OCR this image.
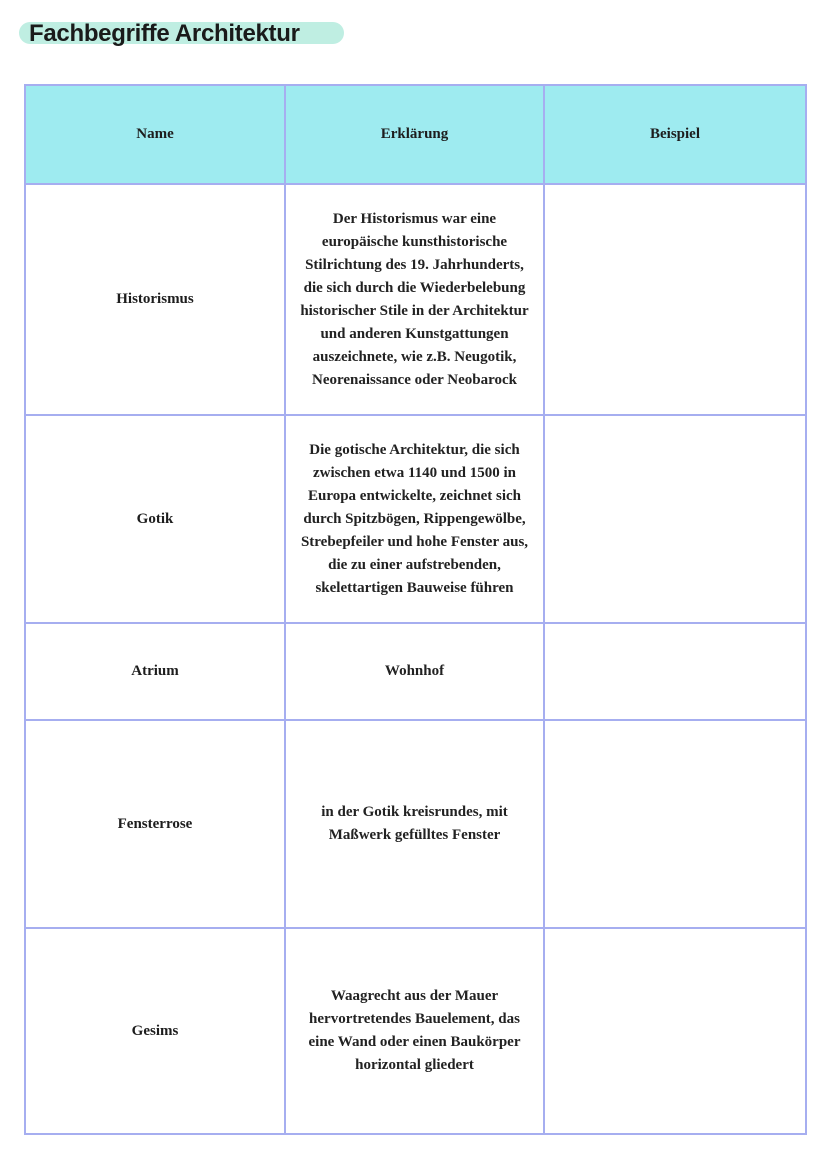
Fachbegriffe Architektur
Name	Erklärung	Beispiel
Historismus	Der Historismus war eine europäische kunsthistorische Stilrichtung des 19. Jahrhunderts, die sich durch die Wiederbelebung historischer Stile in der Architektur und anderen Kunstgattungen auszeichnete, wie z.B. Neugotik, Neorenaissance oder Neobarock	

Gotik	Die gotische Architektur, die sich zwischen etwa 1140 und 1500 in Europa entwickelte, zeichnet sich durch Spitzbögen, Rippengewölbe, Strebepfeiler und hohe Fenster aus, die zu einer aufstrebenden, skelettartigen Bauweise führen	

Atrium	Wohnhof	
Fensterrose	in der Gotik kreisrundes, mit Maßwerk gefülltes Fenster	

Gesims	Waagrecht aus der Mauer hervortretendes Bauelement, das eine Wand oder einen Baukörper horizontal gliedert	
